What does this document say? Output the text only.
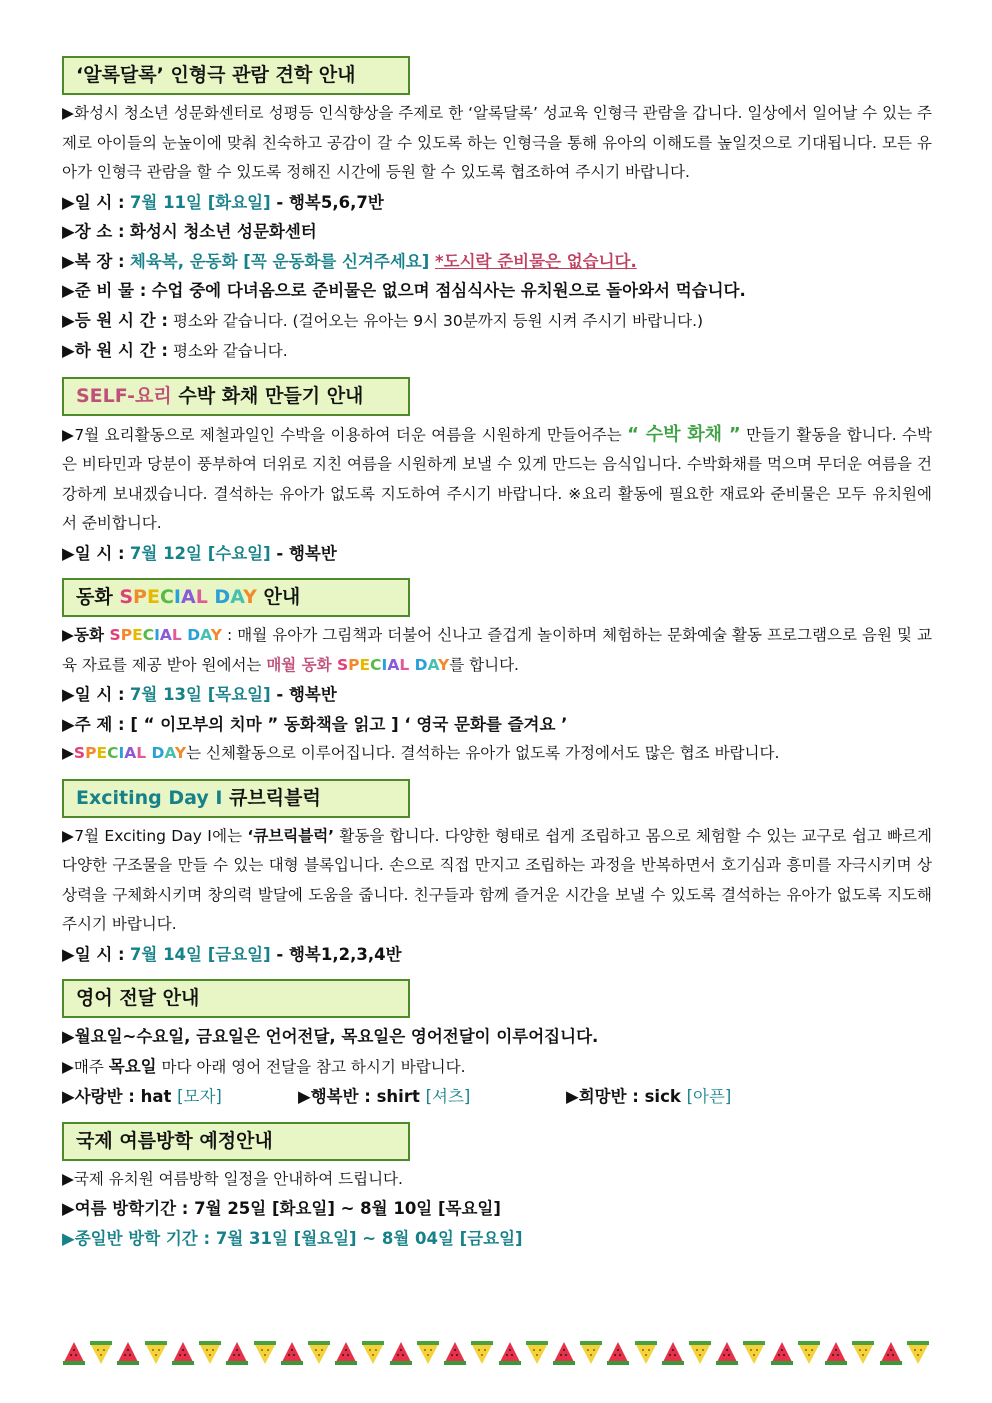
‘알록달록’ 인형극 관람 견학 안내

▶화성시 청소년 성문화센터로 성평등 인식향상을 주제로 한 ‘알록달록’ 성교육 인형극 관람을 갑니다. 일상에서 일어날 수 있는 주제로 아이들의 눈높이에 맞춰 친숙하고 공감이 갈 수 있도록 하는 인형극을 통해 유아의 이해도를 높일것으로 기대됩니다. 모든 유아가 인형극 관람을 할 수 있도록 정해진 시간에 등원 할 수 있도록 협조하여 주시기 바랍니다.

▶일 시 : 7월 11일 [화요일] - 행복5,6,7반
▶장 소 : 화성시 청소년 성문화센터
▶복 장 : 체육복, 운동화 [꼭 운동화를 신겨주세요] *도시락 준비물은 없습니다.
▶준 비 물 : 수업 중에 다녀옴으로 준비물은 없으며 점심식사는 유치원으로 돌아와서 먹습니다.
▶등 원 시 간 : 평소와 같습니다. (걸어오는 유아는 9시 30분까지 등원 시켜 주시기 바랍니다.)
▶하 원 시 간 : 평소와 같습니다.
SELF-요리 수박 화채 만들기 안내

▶7월 요리활동으로 제철과일인 수박을 이용하여 더운 여름을 시원하게 만들어주는 “ 수박 화채 ” 만들기 활동을 합니다. 수박은 비타민과 당분이 풍부하여 더위로 지친 여름을 시원하게 보낼 수 있게 만드는 음식입니다. 수박화채를 먹으며 무더운 여름을 건강하게 보내겠습니다. 결석하는 유아가 없도록 지도하여 주시기 바랍니다. ※요리 활동에 필요한 재료와 준비물은 모두 유치원에서 준비합니다.

▶일 시 : 7월 12일 [수요일] - 행복반
동화 SPECIAL DAY 안내

▶동화 SPECIAL DAY : 매월 유아가 그림책과 더불어 신나고 즐겁게 놀이하며 체험하는 문화예술 활동 프로그램으로 음원 및 교육 자료를 제공 받아 원에서는 매월 동화 SPECIAL DAY를 합니다.

▶일 시 : 7월 13일 [목요일] - 행복반
▶주 제 : [ “ 이모부의 치마 ” 동화책을 읽고 ] ‘ 영국 문화를 즐겨요 ’
▶SPECIAL DAY는 신체활동으로 이루어집니다. 결석하는 유아가 없도록 가정에서도 많은 협조 바랍니다.
Exciting Day Ⅰ 큐브릭블럭

▶7월 Exciting Day Ⅰ에는 ‘큐브릭블럭’ 활동을 합니다. 다양한 형태로 쉽게 조립하고 몸으로 체험할 수 있는 교구로 쉽고 빠르게 다양한 구조물을 만들 수 있는 대형 블록입니다. 손으로 직접 만지고 조립하는 과정을 반복하면서 호기심과 흥미를 자극시키며 상상력을 구체화시키며 창의력 발달에 도움을 줍니다. 친구들과 함께 즐거운 시간을 보낼 수 있도록 결석하는 유아가 없도록 지도해 주시기 바랍니다.

▶일 시 : 7월 14일 [금요일] - 행복1,2,3,4반
영어 전달 안내
▶월요일~수요일, 금요일은 언어전달, 목요일은 영어전달이 이루어집니다.
▶매주 목요일 마다 아래 영어 전달을 참고 하시기 바랍니다.
▶사랑반 : hat [모자]	▶행복반 : shirt [셔츠]	▶희망반 : sick [아픈]
국제 여름방학 예정안내
▶국제 유치원 여름방학 일정을 안내하여 드립니다.
▶여름 방학기간 : 7월 25일 [화요일] ~ 8월 10일 [목요일]
▶종일반 방학 기간 : 7월 31일 [월요일] ~ 8월 04일 [금요일]
